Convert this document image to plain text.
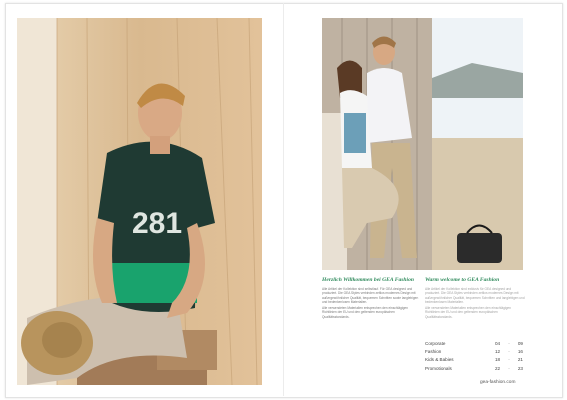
281
Herzlich Willkommen bei GEA Fashion

Alle Artikel der Kollektion sind selbstlauf. Für GEA designed und produziert. Die GEA Styles verbinden zeitlos modernes Design mit außergewöhnlicher Qualität, bequemen Schnitten sowie langlebigen und bedenkenlosen Materialien.

Alle verwendeten Materialien entsprechen den einschlägigen Richtlinien der EU und den geltenden europäischen Qualitätsstandards.

Warm welcome to GEA Fashion

Alle Artikel der Kollektion sind exklusiv für GEA designed und produziert. Die GEA Styles verbinden zeitlos modernes Design mit außergewöhnlicher Qualität, bequemen Schnitten und langlebigen und bedenkenlosen Materialien.

Alle verwendeten Materialien entsprechen den einschlägigen Richtlinien der EU und den geltenden europäischen Qualitätsstandards.

Corporate	04 - 09
Fashion	12 - 16
Kids & Babies	18 - 21
Promotionals	22 - 23
gea-fashion.com
